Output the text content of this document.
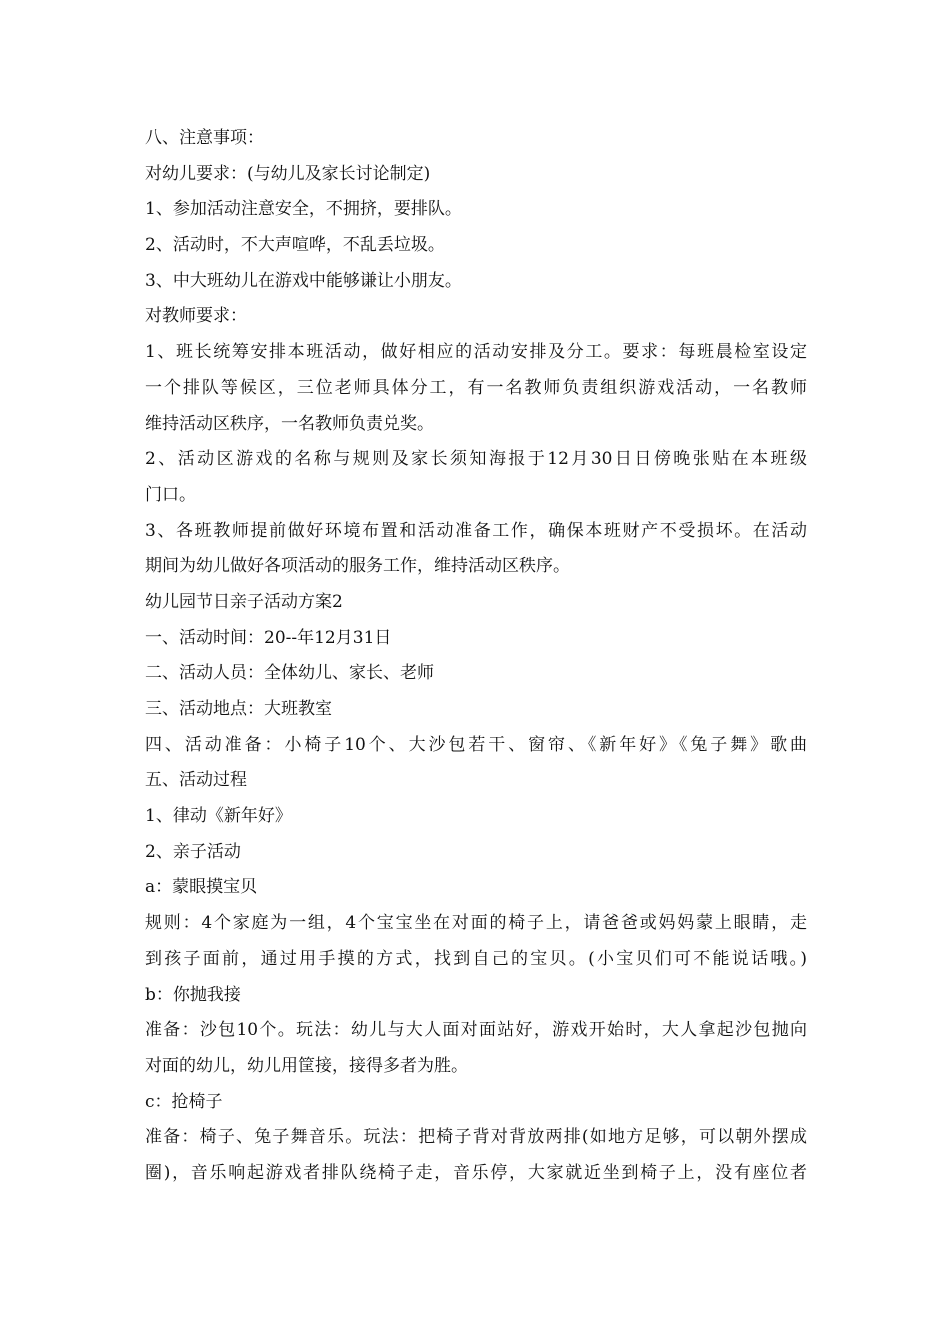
八、注意事项：
对幼儿要求：(与幼儿及家长讨论制定)
1、参加活动注意安全，不拥挤，要排队。
2、活动时，不大声喧哗，不乱丢垃圾。
3、中大班幼儿在游戏中能够谦让小朋友。
对教师要求：
1、班长统筹安排本班活动，做好相应的活动安排及分工。要求：每班晨检室设定
一个排队等候区，三位老师具体分工，有一名教师负责组织游戏活动，一名教师
维持活动区秩序，一名教师负责兑奖。
2、活动区游戏的名称与规则及家长须知海报于12月30日日傍晚张贴在本班级
门口。
3、各班教师提前做好环境布置和活动准备工作，确保本班财产不受损坏。在活动
期间为幼儿做好各项活动的服务工作，维持活动区秩序。
幼儿园节日亲子活动方案2
一、活动时间：20--年12月31日
二、活动人员：全体幼儿、家长、老师
三、活动地点：大班教室
四、活动准备：小椅子10个、大沙包若干、窗帘、《新年好》《兔子舞》歌曲
五、活动过程
1、律动《新年好》
2、亲子活动
a：蒙眼摸宝贝
规则：4个家庭为一组，4个宝宝坐在对面的椅子上，请爸爸或妈妈蒙上眼睛，走
到孩子面前，通过用手摸的方式，找到自己的宝贝。(小宝贝们可不能说话哦。)
b：你抛我接
准备：沙包10个。玩法：幼儿与大人面对面站好，游戏开始时，大人拿起沙包抛向
对面的幼儿，幼儿用筐接，接得多者为胜。
c：抢椅子
准备：椅子、兔子舞音乐。玩法：把椅子背对背放两排(如地方足够，可以朝外摆成
圈)，音乐响起游戏者排队绕椅子走，音乐停，大家就近坐到椅子上，没有座位者
